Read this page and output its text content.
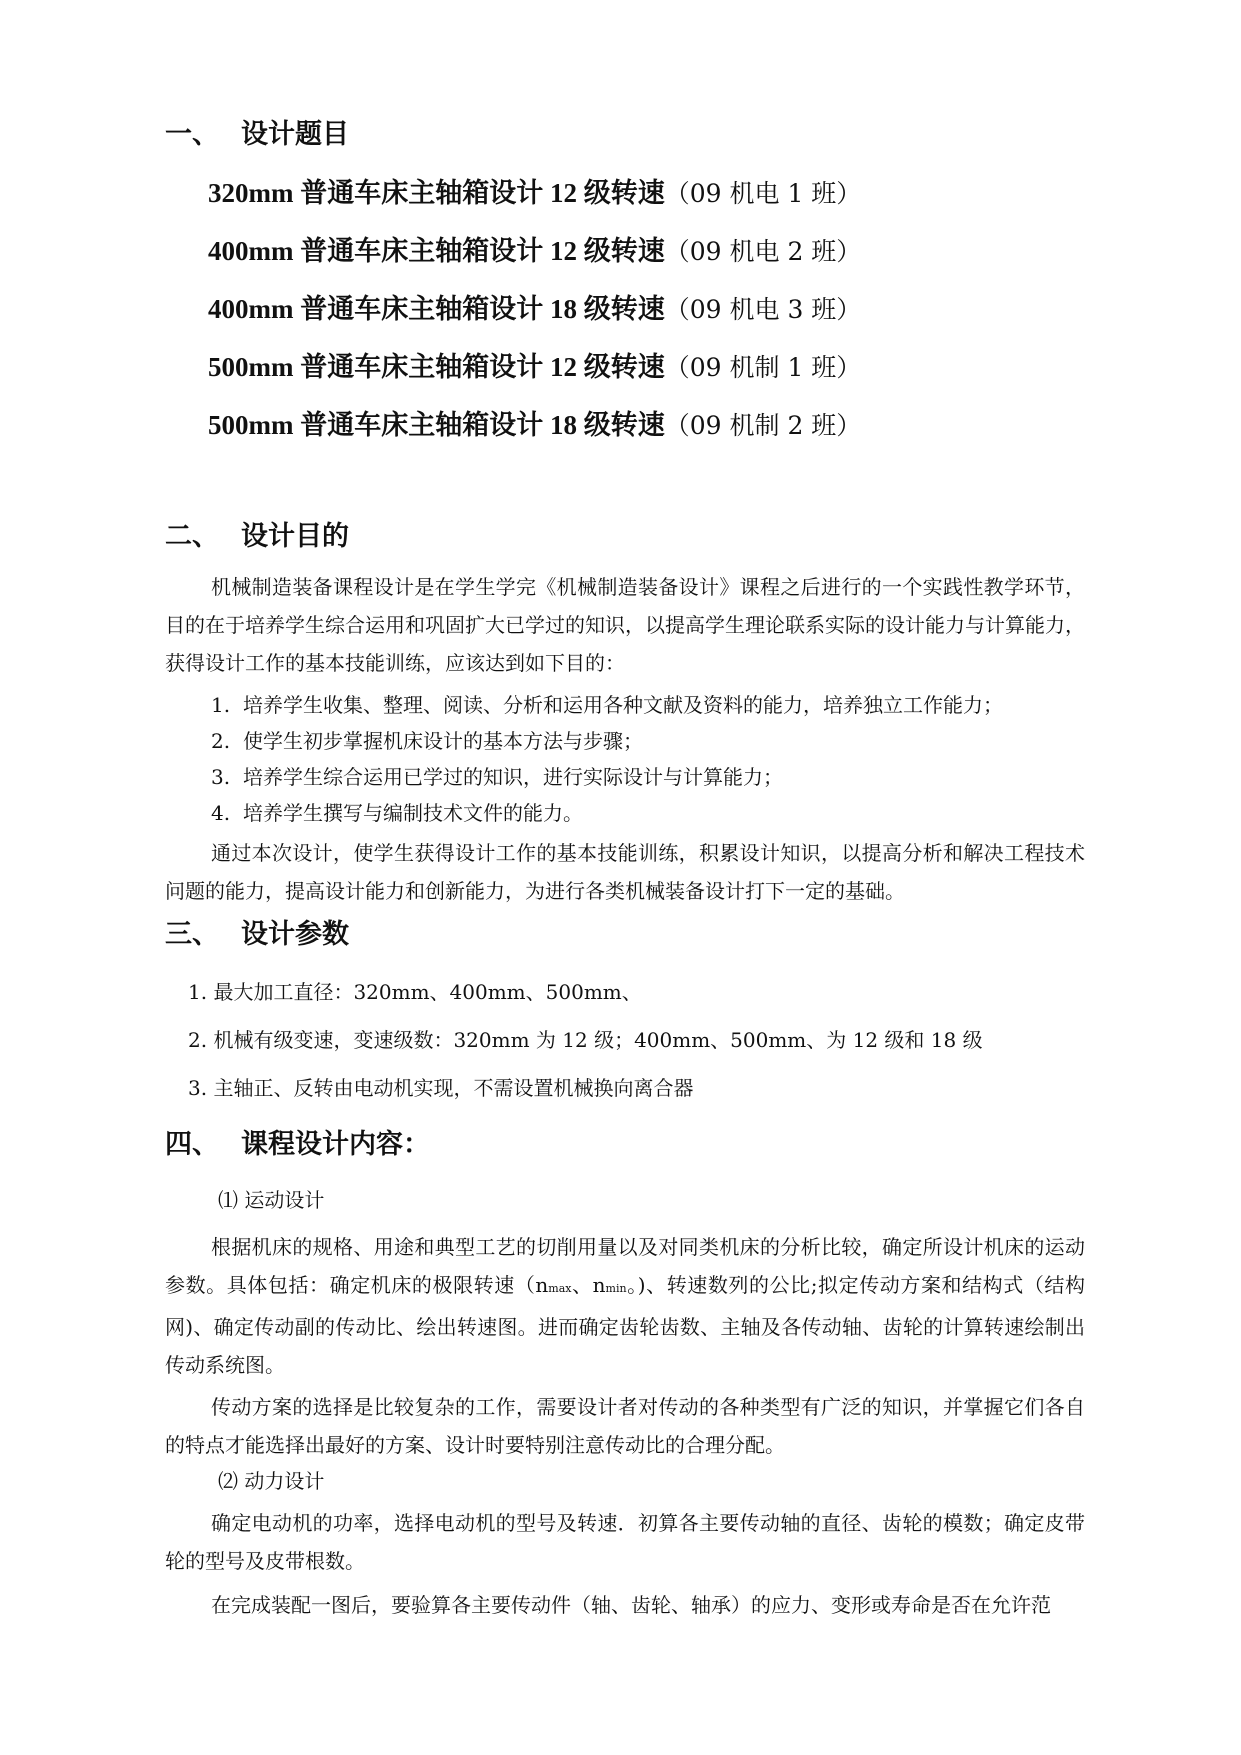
一、 设计题目
320mm 普通车床主轴箱设计 12 级转速（09 机电 1 班）
400mm 普通车床主轴箱设计 12 级转速（09 机电 2 班）
400mm 普通车床主轴箱设计 18 级转速（09 机电 3 班）
500mm 普通车床主轴箱设计 12 级转速（09 机制 1 班）
500mm 普通车床主轴箱设计 18 级转速（09 机制 2 班）
二、 设计目的
机械制造装备课程设计是在学生学完《机械制造装备设计》课程之后进行的一个实践性教学环节，目的在于培养学生综合运用和巩固扩大已学过的知识，以提高学生理论联系实际的设计能力与计算能力，获得设计工作的基本技能训练，应该达到如下目的：
1. 培养学生收集、整理、阅读、分析和运用各种文献及资料的能力，培养独立工作能力；
2. 使学生初步掌握机床设计的基本方法与步骤；
3. 培养学生综合运用已学过的知识，进行实际设计与计算能力；
4. 培养学生撰写与编制技术文件的能力。
通过本次设计，使学生获得设计工作的基本技能训练，积累设计知识，以提高分析和解决工程技术问题的能力，提高设计能力和创新能力，为进行各类机械装备设计打下一定的基础。
三、 设计参数
1. 最大加工直径：320mm、400mm、500mm、
2. 机械有级变速，变速级数：320mm 为 12 级；400mm、500mm、为 12 级和 18 级
3. 主轴正、反转由电动机实现，不需设置机械换向离合器
四、 课程设计内容：
⑴ 运动设计
根据机床的规格、用途和典型工艺的切削用量以及对同类机床的分析比较，确定所设计机床的运动参数。具体包括：确定机床的极限转速（nmax、nmin。)、转速数列的公比;拟定传动方案和结构式（结构网)、确定传动副的传动比、绘出转速图。进而确定齿轮齿数、主轴及各传动轴、齿轮的计算转速绘制出传动系统图。
传动方案的选择是比较复杂的工作，需要设计者对传动的各种类型有广泛的知识，并掌握它们各自的特点才能选择出最好的方案、设计时要特别注意传动比的合理分配。
⑵ 动力设计
确定电动机的功率，选择电动机的型号及转速．初算各主要传动轴的直径、齿轮的模数；确定皮带轮的型号及皮带根数。
在完成装配一图后，要验算各主要传动件（轴、齿轮、轴承）的应力、变形或寿命是否在允许范
